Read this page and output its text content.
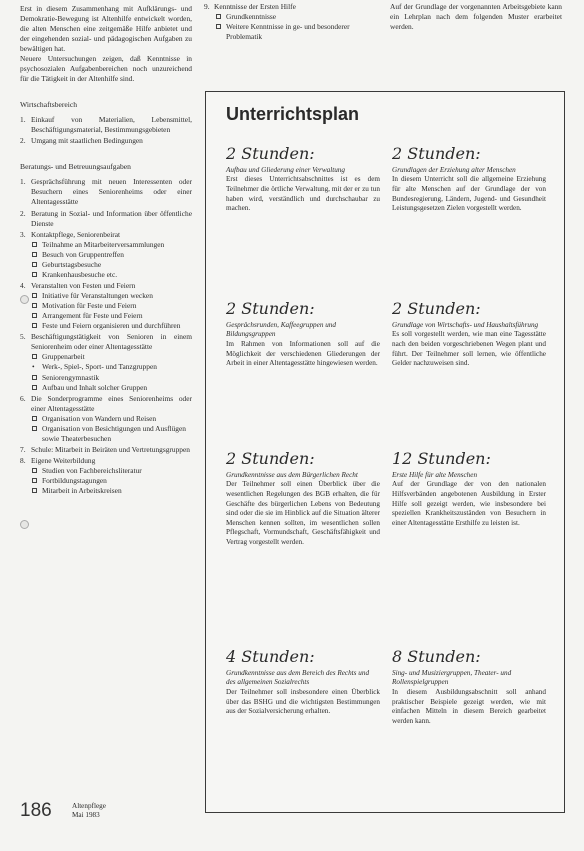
Erst in diesem Zusammenhang mit Aufklärungs- und Demokratie-Bewegung ist Altenhilfe entwickelt worden, die alten Menschen eine zeitgemäße Hilfe anbietet und der eingehenden sozial- und pädagogischen Aufgaben zu bewältigen hat.

Neuere Untersuchungen zeigen, daß Kenntnisse in psychosozialen Aufgabenbereichen noch unzureichend für die Tätigkeit in der Altenhilfe sind.

Wirtschaftsbereich
1. Einkauf von Materialien, Lebensmittel, Beschäftigungsmaterial, Bestimmungsgebieten
2. Umgang mit staatlichen Bedingungen
Beratungs- und Betreuungsaufgaben
1. Gesprächsführung mit neuen Interessenten oder Besuchern eines Seniorenheims oder einer Altentagesstätte
2. Beratung in Sozial- und Information über öffentliche Dienste
3. Kontaktpflege, Seniorenbeirat
Teilnahme an Mitarbeiterversammlungen
Besuch von Gruppentreffen
Geburtstagsbesuche
Krankenhausbesuche etc.
4. Veranstalten von Festen und Feiern
Initiative für Veranstaltungen wecken
Motivation für Feste und Feiern
Arrangement für Feste und Feiern
Feste und Feiern organisieren und durchführen
5. Beschäftigungstätigkeit von Senioren in einem Seniorenheim oder einer Altentagesstätte
Gruppenarbeit
• Werk-, Spiel-, Sport- und Tanzgruppen
Seniorengymnastik
Aufbau und Inhalt solcher Gruppen
6. Die Sonderprogramme eines Seniorenheims oder einer Altentagesstätte
Organisation von Wandern und Reisen
Organisation von Besichtigungen und Ausflügen sowie Theaterbesuchen
7. Schule: Mitarbeit in Beiräten und Vertretungsgruppen
8. Eigene Weiterbildung
Studien von Fachbereichsliteratur
Fortbildungstagungen
Mitarbeit in Arbeitskreisen
9. Kenntnisse der Ersten Hilfe
Grundkenntnisse
Weitere Kenntnisse in ge- und besonderer Problematik
Auf der Grundlage der vorgenannten Arbeitsgebiete kann ein Lehrplan nach dem folgenden Muster erarbeitet werden.
Unterrichtsplan
2 Stunden:
Aufbau und Gliederung einer Verwaltung
Erst dieses Unterrichtsabschnittes ist es dem Teilnehmer die örtliche Verwaltung, mit der er zu tun haben wird, verständlich und durchschaubar zu machen.
2 Stunden:
Grundlagen der Erziehung alter Menschen
In diesem Unterricht soll die allgemeine Erziehung für alte Menschen auf der Grundlage der von Bundesregierung, Ländern, Jugend- und Gesundheit Leistungsgesetzen Zielen vorgestellt werden.
2 Stunden:
Gesprächsrunden, Kaffeegruppen und Bildungsgruppen
Im Rahmen von Informationen soll auf die Möglichkeit der verschiedenen Gliederungen der Arbeit in einer Altentagesstätte hingewiesen werden.
2 Stunden:
Grundlage von Wirtschafts- und Haushaltsführung
Es soll vorgestellt werden, wie man eine Tagesstätte nach den beiden vorgeschriebenen Wegen plant und führt. Der Teilnehmer soll lernen, wie öffentliche Gelder nachzuweisen sind.
2 Stunden:
Grundkenntnisse aus dem Bürgerlichen Recht
Der Teilnehmer soll einen Überblick über die wesentlichen Regelungen des BGB erhalten, die für Geschäfte des bürgerlichen Lebens von Bedeutung sind oder die sie im Hinblick auf die Situation älterer Menschen kennen sollten, im wesentlichen sollen Pflegschaft, Vormundschaft, Geschäftsfähigkeit und Vertrag vorgestellt werden.
12 Stunden:
Erste Hilfe für alte Menschen
Auf der Grundlage der von den nationalen Hilfsverbänden angebotenen Ausbildung in Erster Hilfe soll gezeigt werden, wie insbesondere bei speziellen Krankheitszuständen von Besuchern in einer Altentagesstätte Ersthilfe zu leisten ist.
4 Stunden:
Grundkenntnisse aus dem Bereich des Rechts und des allgemeinen Sozialrechts
Der Teilnehmer soll insbesondere einen Überblick über das BSHG und die wichtigsten Bestimmungen aus der Sozialversicherung erhalten.
8 Stunden:
Sing- und Musiziergruppen, Theater- und Rollenspielgruppen
In diesem Ausbildungsabschnitt soll anhand praktischer Beispiele gezeigt werden, wie mit einfachen Mitteln in diesem Bereich gearbeitet werden kann.
186	Altenpflege
Mai 1983
